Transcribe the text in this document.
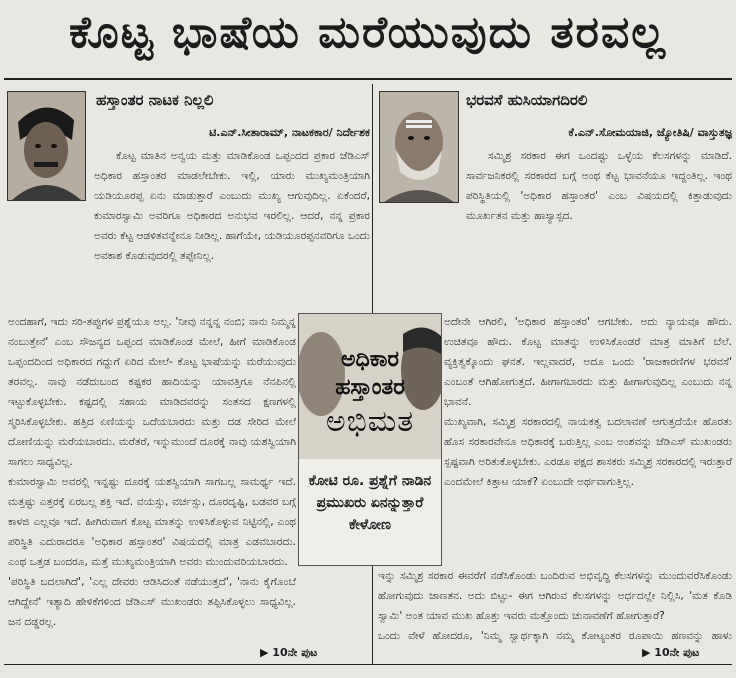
ಕೊಟ್ಟ ಭಾಷೆಯ ಮರೆಯುವುದು ತರವಲ್ಲ
ಹಸ್ತಾಂತರ ನಾಟಕ ನಿಲ್ಲಲಿ
ಟಿ.ಎನ್.ಸೀತಾರಾಮ್, ನಾಟಕಕಾರ/ ನಿರ್ದೇಶಕ

ಕೊಟ್ಟ ಮಾತಿನ ಅನ್ವಯ ಮತ್ತು ಮಾಡಿಕೊಂಡ ಒಪ್ಪಂದದ ಪ್ರಕಾರ ಜೆಡಿಎಸ್ ಅಧಿಕಾರ ಹಸ್ತಾಂತರ ಮಾಡಲೇಬೇಕು. ಇಲ್ಲಿ, ಯಾರು ಮುಖ್ಯಮಂತ್ರಿಯಾಗಿ ಯಡಿಯೂರಪ್ಪ ಏನು ಮಾಡುತ್ತಾರೆ ಎಂಬುದು ಮುಖ್ಯ ಆಗುವುದಿಲ್ಲ. ಏಕೆಂದರೆ, ಕುಮಾರಸ್ವಾಮಿ ಅವರಿಗೂ ಅಧಿಕಾರದ ಅನುಭವ ಇರಲಿಲ್ಲ. ಆದರೆ, ನನ್ನ ಪ್ರಕಾರ ಅವರು ಕೆಟ್ಟ ಆಡಳಿತವನ್ನೇನೂ ನೀಡಿಲ್ಲ. ಹಾಗೆಯೇ, ಯಡಿಯೂರಪ್ಪನವರಿಗೂ ಒಂದು ಅವಕಾಶ ಕೊಡುವುದರಲ್ಲಿ ತಪ್ಪೇನಿಲ್ಲ.

ಅಂದಹಾಗೆ, ಇದು ಸರಿ-ತಪ್ಪುಗಳ ಪ್ರಶ್ನೆಯೂ ಅಲ್ಲ. 'ನೀವು ನನ್ನನ್ನ ನಂಬಿ; ನಾನು ನಿಮ್ಮನ್ನ ನಂಬುತ್ತೇನೆ' ಎಂಬ ಸೌಜನ್ಯದ ಒಪ್ಪಂದ ಮಾಡಿಕೊಂಡ ಮೇಲೆ, ಹೀಗೆ ಮಾಡಿಕೊಂಡ ಒಪ್ಪಂದದಿಂದ ಅಧಿಕಾರದ ಗದ್ದುಗೆ ಏರಿದ ಮೇಲೆ- ಕೊಟ್ಟ ಭಾಷೆಯನ್ನು ಮರೆಯುವುದು ತರವಲ್ಲ. ನಾವು ನಡೆದುಬಂದ ಕಷ್ಟಕರ ಹಾದಿಯನ್ನು ಯಾವತ್ತಿಗೂ ನೆನಪಿನಲ್ಲಿ ಇಟ್ಟುಕೊಳ್ಳಬೇಕು. ಕಷ್ಟದಲ್ಲಿ ಸಹಾಯ ಮಾಡಿದವರನ್ನು ಸಂತಸದ ಕ್ಷಣಗಳಲ್ಲಿ ಸ್ಮರಿಸಿಕೊಳ್ಳಬೇಕು. ಹತ್ತಿದ ಏಣಿಯನ್ನು ಒದೆಯಬಾರದು ಮತ್ತು ದಡ ಸೇರಿದ ಮೇಲೆ ದೋಣಿಯನ್ನು ಮರೆಯಬಾರದು. ಮರೆತರೆ, ಇನ್ನುಮುಂದೆ ದೂರಕ್ಕೆ ನಾವು ಯಶಸ್ವಿಯಾಗಿ ಸಾಗಲು ಸಾಧ್ಯವಿಲ್ಲ.

ಕುಮಾರಸ್ವಾಮಿ ಅವರಲ್ಲಿ ಇನ್ನಷ್ಟು ದೂರಕ್ಕೆ ಯಶಸ್ವಿಯಾಗಿ ಸಾಗಬಲ್ಲ ಸಾಮರ್ಥ್ಯ ಇದೆ. ಮತ್ತಷ್ಟು ಎತ್ತರಕ್ಕೆ ಏರಬಲ್ಲ ಶಕ್ತಿ ಇದೆ. ವಯಸ್ಸು, ವರ್ಚಸ್ಸು, ದೂರದೃಷ್ಟಿ, ಬಡವರ ಬಗ್ಗೆ ಕಾಳಜಿ ಎಲ್ಲವೂ ಇದೆ. ಹೀಗಿರುವಾಗ ಕೊಟ್ಟ ಮಾತನ್ನು ಉಳಿಸಿಕೊಳ್ಳುವ ನಿಟ್ಟಿನಲ್ಲಿ, ಎಂಥ ಪರಿಸ್ಥಿತಿ ಎದುರಾದರೂ 'ಅಧಿಕಾರ ಹಸ್ತಾಂತರ' ವಿಷಯದಲ್ಲಿ ಮಾತ್ರ ಎಡವಬಾರದು. ಎಂಥ ಒತ್ತಡ ಬಂದರೂ, ಮತ್ತೆ ಮುಖ್ಯಮಂತ್ರಿಯಾಗಿ ಅವರು ಮುಂದುವರಿಯಬಾರದು.

'ಪರಿಸ್ಥಿತಿ ಬದಲಾಗಿದೆ', 'ಎಲ್ಲ ದೇವರು ಆಡಿಸಿದಂತೆ ನಡೆಯುತ್ತದೆ', 'ನಾನು ಕೈಗೊಂಬೆ ಆಗಿದ್ದೇನೆ' ಇತ್ಯಾದಿ ಹೇಳಿಕೆಗಳಿಂದ ಜೆಡಿಎಸ್ ಮುಖಂಡರು ತಪ್ಪಿಸಿಕೊಳ್ಳಲು ಸಾಧ್ಯವಿಲ್ಲ. ಜನ ದಡ್ಡರಲ್ಲ.

▶ 10ನೇ ಪುಟ
ಭರವಸೆ ಹುಸಿಯಾಗದಿರಲಿ
ಕೆ.ಎನ್.ಸೋಮಯಾಜಿ, ಜ್ಯೋತಿಷಿ/ ವಾಸ್ತುತಜ್ಞ

ಸಮ್ಮಿಶ್ರ ಸರಕಾರ ಈಗ ಒಂದಷ್ಟು ಒಳ್ಳೆಯ ಕೆಲಸಗಳನ್ನು ಮಾಡಿದೆ. ಸಾರ್ವಜನಿಕರಲ್ಲಿ ಸರಕಾರದ ಬಗ್ಗೆ ಅಂಥ ಕೆಟ್ಟ ಭಾವನೆಯೂ ಇದ್ದಂತಿಲ್ಲ. ಇಂಥ ಪರಿಸ್ಥಿತಿಯಲ್ಲಿ 'ಅಧಿಕಾರ ಹಸ್ತಾಂತರ' ಎಂಬ ವಿಷಯದಲ್ಲಿ ಕಿತ್ತಾಡುವುದು ಮೂರ್ಖತನ ಮತ್ತು ಹಾಸ್ಯಾಸ್ಪದ.

ಅದೇನೇ ಆಗಿರಲಿ, 'ಅಧಿಕಾರ ಹಸ್ತಾಂತರ' ಆಗಬೇಕು. ಅದು ನ್ಯಾಯವೂ ಹೌದು. ಉಚಿತವೂ ಹೌದು. ಕೊಟ್ಟ ಮಾತನ್ನು ಉಳಿಸಿಕೊಂಡರೆ ಮಾತ್ರ ಮಾತಿಗೆ ಬೆಲೆ. ವ್ಯಕ್ತಿತ್ವಕ್ಕೊಂದು ಘನತೆ. ಇಲ್ಲವಾದರೆ, ಅದೂ ಒಂದು 'ರಾಜಕಾರಣಿಗಳ ಭರವಸೆ' ಎಂಬಂತೆ ಆಗಿಹೋಗುತ್ತದೆ. ಹೀಗಾಗಬಾರದು ಮತ್ತು ಹೀಗಾಗುವುದಿಲ್ಲ ಎಂಬುದು ನನ್ನ ಭಾವನೆ.

ಮುಖ್ಯವಾಗಿ, ಸಮ್ಮಿಶ್ರ ಸರಕಾರದಲ್ಲಿ ನಾಯಕತ್ವ ಬದಲಾವಣೆ ಆಗುತ್ತದೆಯೇ ಹೊರತು ಹೊಸ ಸರಕಾರವೇನೂ ಅಧಿಕಾರಕ್ಕೆ ಬರುತ್ತಿಲ್ಲ ಎಂಬ ಅಂಶವನ್ನು ಜೆಡಿಎಸ್ ಮುಖಂಡರು ಸ್ಪಷ್ಟವಾಗಿ ಅರಿತುಕೊಳ್ಳಬೇಕು. ಎರಡೂ ಪಕ್ಷದ ಶಾಸಕರು ಸಮ್ಮಿಶ್ರ ಸರಕಾರದಲ್ಲಿ ಇರುತ್ತಾರೆ ಎಂದಮೇಲೆ ಕಿತ್ತಾಟ ಯಾಕೆ? ಏಂಬುದೇ ಅರ್ಥವಾಗುತ್ತಿಲ್ಲ.

ಇನ್ನು ಸಮ್ಮಿಶ್ರ ಸರಕಾರ ಈವರೆಗೆ ನಡೆಸಿಕೊಂಡು ಬಂದಿರುವ ಅಭಿವೃದ್ಧಿ ಕೆಲಸಗಳನ್ನು ಮುಂದುವರೆಸಿಕೊಂಡು ಹೋಗುವುದು ಜಾಣತನ. ಅದು ಬಿಟ್ಟು- ಈಗ ಆಗಿರುವ ಕೆಲಸಗಳನ್ನು ಅರ್ಧದಲ್ಲೇ ನಿಲ್ಲಿಸಿ, 'ಮತ ಕೊಡಿ ಸ್ವಾಮಿ' ಅಂತ ಯಾವ ಮುಖ ಹೊತ್ತು ಇವರು ಮತ್ತೊಂದು ಚುನಾವಣೆಗೆ ಹೋಗುತ್ತಾರೆ?

ಒಂದು ವೇಳೆ ಹೋದರೂ, 'ನಿಮ್ಮ ಸ್ವಾರ್ಥಕ್ಕಾಗಿ ನಮ್ಮ ಕೋಟ್ಯಂತರ ರೂಪಾಯಿ ಹಣವನ್ನು ಹಾಳು

▶ 10ನೇ ಪುಟ
ಅಧಿಕಾರ
ಹಸ್ತಾಂತರ
ಅಭಿಮತ
ಕೋಟಿ ರೂ. ಪ್ರಶ್ನೆಗೆ ನಾಡಿನ ಪ್ರಮುಖರು ಏನನ್ನುತ್ತಾರೆ ಕೇಳೋಣ
